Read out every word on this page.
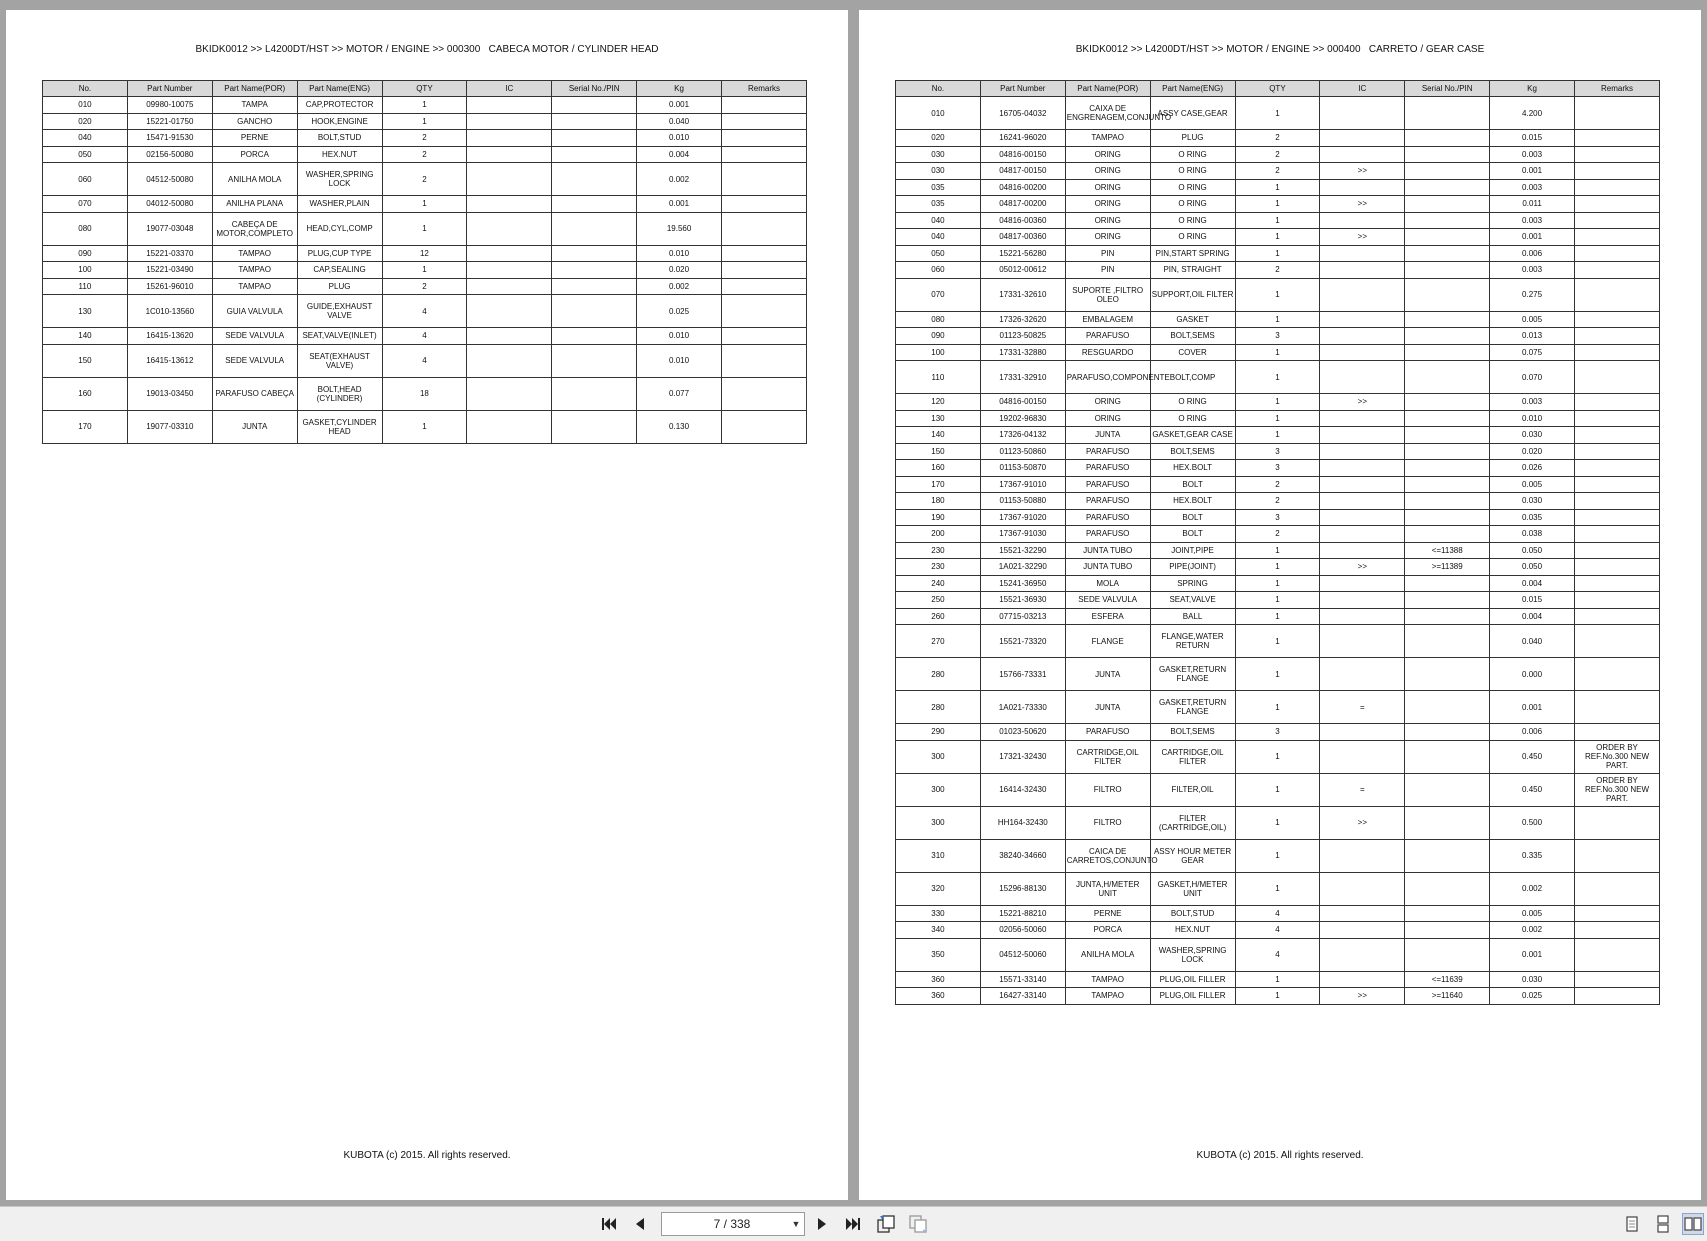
BKIDK0012 >> L4200DT/HST >> MOTOR / ENGINE >> 000300   CABECA MOTOR / CYLINDER HEAD
No.	Part Number	Part Name(POR)	Part Name(ENG)	QTY	IC	Serial No./PIN	Kg	Remarks
010	09980-10075	TAMPA	CAP,PROTECTOR	1			0.001	
020	15221-01750	GANCHO	HOOK,ENGINE	1			0.040	
040	15471-91530	PERNE	BOLT,STUD	2			0.010	
050	02156-50080	PORCA	HEX.NUT	2			0.004	
060	04512-50080	ANILHA MOLA	WASHER,SPRING LOCK	2			0.002	
070	04012-50080	ANILHA PLANA	WASHER,PLAIN	1			0.001	
080	19077-03048	CABEÇA DE MOTOR,COMPLETO	HEAD,CYL,COMP	1			19.560	
090	15221-03370	TAMPAO	PLUG,CUP TYPE	12			0.010	
100	15221-03490	TAMPAO	CAP,SEALING	1			0.020	
110	15261-96010	TAMPAO	PLUG	2			0.002	
130	1C010-13560	GUIA VALVULA	GUIDE,EXHAUST VALVE	4			0.025	
140	16415-13620	SEDE VALVULA	SEAT,VALVE(INLET)	4			0.010	
150	16415-13612	SEDE VALVULA	SEAT(EXHAUST VALVE)	4			0.010	
160	19013-03450	PARAFUSO CABEÇA	BOLT,HEAD (CYLINDER)	18			0.077	
170	19077-03310	JUNTA	GASKET,CYLINDER HEAD	1			0.130	
KUBOTA (c) 2015. All rights reserved.
BKIDK0012 >> L4200DT/HST >> MOTOR / ENGINE >> 000400   CARRETO / GEAR CASE
No.	Part Number	Part Name(POR)	Part Name(ENG)	QTY	IC	Serial No./PIN	Kg	Remarks
010	16705-04032	CAIXA DE ENGRENAGEM,CONJUNTO	ASSY CASE,GEAR	1			4.200	
020	16241-96020	TAMPAO	PLUG	2			0.015	
030	04816-00150	ORING	O RING	2			0.003	
030	04817-00150	ORING	O RING	2	>>		0.001	
035	04816-00200	ORING	O RING	1			0.003	
035	04817-00200	ORING	O RING	1	>>		0.011	
040	04816-00360	ORING	O RING	1			0.003	
040	04817-00360	ORING	O RING	1	>>		0.001	
050	15221-56280	PIN	PIN,START SPRING	1			0.006	
060	05012-00612	PIN	PIN, STRAIGHT	2			0.003	
070	17331-32610	SUPORTE ,FILTRO OLEO	SUPPORT,OIL FILTER	1			0.275	
080	17326-32620	EMBALAGEM	GASKET	1			0.005	
090	01123-50825	PARAFUSO	BOLT,SEMS	3			0.013	
100	17331-32880	RESGUARDO	COVER	1			0.075	
110	17331-32910	PARAFUSO,COMPONENTE	BOLT,COMP	1			0.070	
120	04816-00150	ORING	O RING	1	>>		0.003	
130	19202-96830	ORING	O RING	1			0.010	
140	17326-04132	JUNTA	GASKET,GEAR CASE	1			0.030	
150	01123-50860	PARAFUSO	BOLT,SEMS	3			0.020	
160	01153-50870	PARAFUSO	HEX.BOLT	3			0.026	
170	17367-91010	PARAFUSO	BOLT	2			0.005	
180	01153-50880	PARAFUSO	HEX.BOLT	2			0.030	
190	17367-91020	PARAFUSO	BOLT	3			0.035	
200	17367-91030	PARAFUSO	BOLT	2			0.038	
230	15521-32290	JUNTA TUBO	JOINT,PIPE	1		<=11388	0.050	
230	1A021-32290	JUNTA TUBO	PIPE(JOINT)	1	>>	>=11389	0.050	
240	15241-36950	MOLA	SPRING	1			0.004	
250	15521-36930	SEDE VALVULA	SEAT,VALVE	1			0.015	
260	07715-03213	ESFERA	BALL	1			0.004	
270	15521-73320	FLANGE	FLANGE,WATER RETURN	1			0.040	
280	15766-73331	JUNTA	GASKET,RETURN FLANGE	1			0.000	
280	1A021-73330	JUNTA	GASKET,RETURN FLANGE	1	=		0.001	
290	01023-50620	PARAFUSO	BOLT,SEMS	3			0.006	
300	17321-32430	CARTRIDGE,OIL FILTER	CARTRIDGE,OIL FILTER	1			0.450	ORDER BY REF.No.300 NEW PART.
300	16414-32430	FILTRO	FILTER,OIL	1	=		0.450	ORDER BY REF.No.300 NEW PART.
300	HH164-32430	FILTRO	FILTER (CARTRIDGE,OIL)	1	>>		0.500	
310	38240-34660	CAICA DE CARRETOS,CONJUNTO	ASSY HOUR METER GEAR	1			0.335	
320	15296-88130	JUNTA,H/METER UNIT	GASKET,H/METER UNIT	1			0.002	
330	15221-88210	PERNE	BOLT,STUD	4			0.005	
340	02056-50060	PORCA	HEX.NUT	4			0.002	
350	04512-50060	ANILHA MOLA	WASHER,SPRING LOCK	4			0.001	
360	15571-33140	TAMPAO	PLUG,OIL FILLER	1		<=11639	0.030	
360	16427-33140	TAMPAO	PLUG,OIL FILLER	1	>>	>=11640	0.025	
KUBOTA (c) 2015. All rights reserved.
7 / 338	▼
